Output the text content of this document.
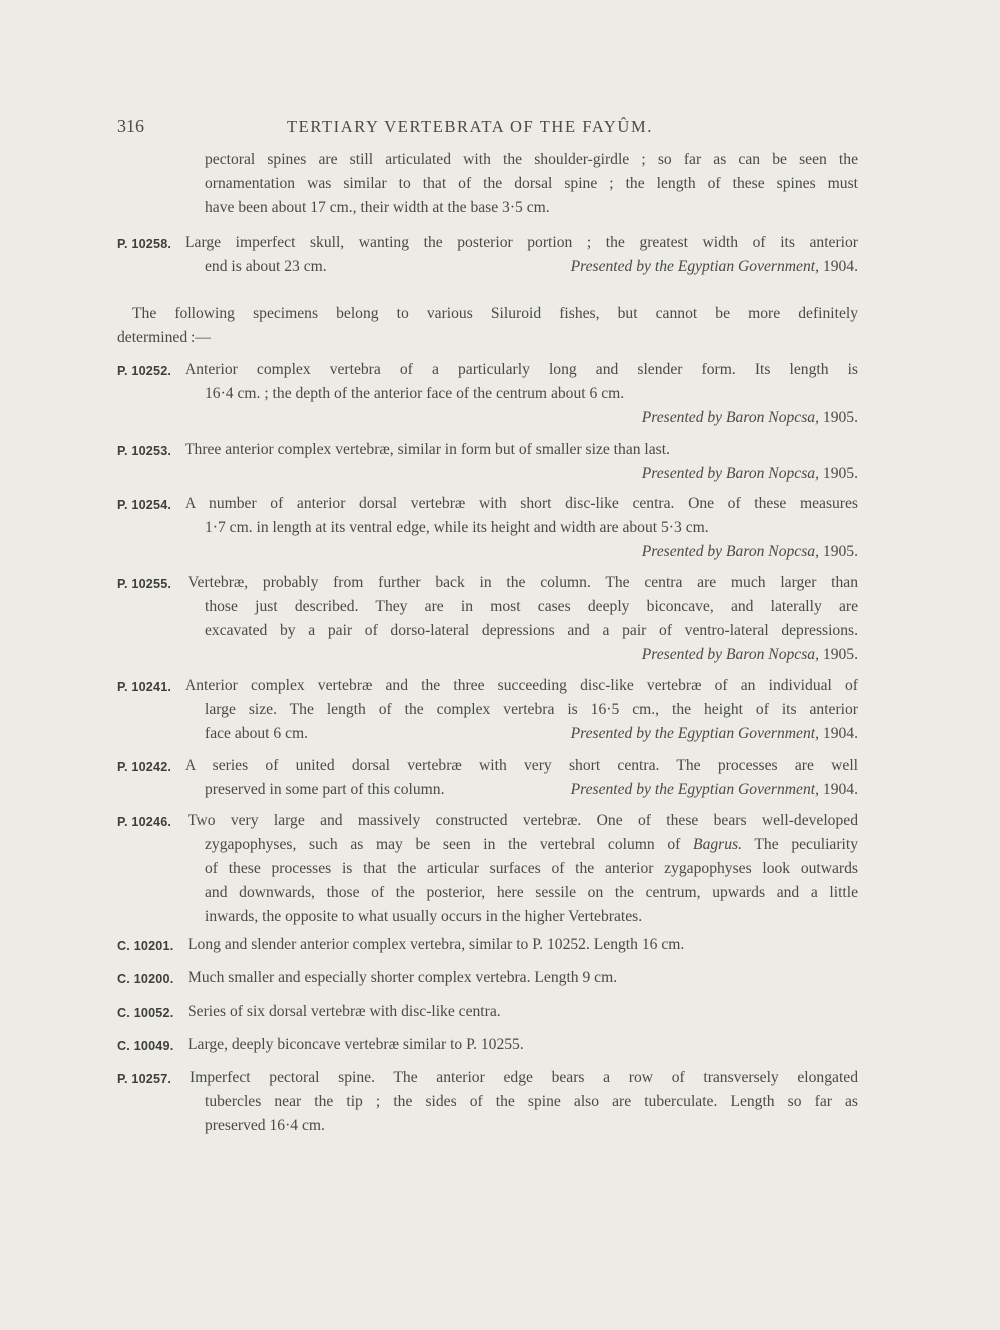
316	TERTIARY VERTEBRATA OF THE FAYÛM.
pectoral spines are still articulated with the shoulder-girdle ; so far as can be seen the
ornamentation was similar to that of the dorsal spine ; the length of these spines must
have been about 17 cm., their width at the base 3·5 cm.
P. 10258. Large imperfect skull, wanting the posterior portion ; the greatest width of its anterior
end is about 23 cm.	Presented by the Egyptian Government, 1904.
The following specimens belong to various Siluroid fishes, but cannot be more definitely
determined :—
P. 10252. Anterior complex vertebra of a particularly long and slender form. Its length is
16·4 cm. ; the depth of the anterior face of the centrum about 6 cm.
Presented by Baron Nopcsa, 1905.
P. 10253. Three anterior complex vertebræ, similar in form but of smaller size than last.
Presented by Baron Nopcsa, 1905.
P. 10254. A number of anterior dorsal vertebræ with short disc-like centra. One of these measures
1·7 cm. in length at its ventral edge, while its height and width are about 5·3 cm.
Presented by Baron Nopcsa, 1905.
P. 10255.	Vertebræ, probably from further back in the column. The centra are much larger than
those just described. They are in most cases deeply biconcave, and laterally are
excavated by a pair of dorso-lateral depressions and a pair of ventro-lateral depressions.
Presented by Baron Nopcsa, 1905.
P. 10241. Anterior complex vertebræ and the three succeeding disc-like vertebræ of an individual of
large size. The length of the complex vertebra is 16·5 cm., the height of its anterior
face about 6 cm.	Presented by the Egyptian Government, 1904.
P. 10242. A series of united dorsal vertebræ with very short centra. The processes are well
preserved in some part of this column.	Presented by the Egyptian Government, 1904.
P. 10246.	Two very large and massively constructed vertebræ. One of these bears well-developed
zygapophyses, such as may be seen in the vertebral column of Bagrus. The peculiarity
of these processes is that the articular surfaces of the anterior zygapophyses look outwards
and downwards, those of the posterior, here sessile on the centrum, upwards and a little
inwards, the opposite to what usually occurs in the higher Vertebrates.
C. 10201. Long and slender anterior complex vertebra, similar to P. 10252. Length 16 cm.
C. 10200. Much smaller and especially shorter complex vertebra. Length 9 cm.
C. 10052. Series of six dorsal vertebræ with disc-like centra.
C. 10049. Large, deeply biconcave vertebræ similar to P. 10255.
P. 10257.	Imperfect pectoral spine. The anterior edge bears a row of transversely elongated
tubercles near the tip ; the sides of the spine also are tuberculate. Length so far as
preserved 16·4 cm.
